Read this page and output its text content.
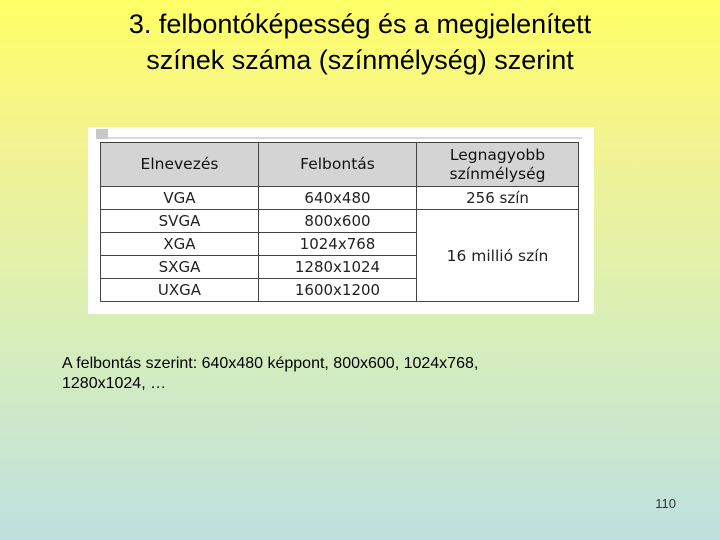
3. felbontóképesség és a megjelenített
színek száma (színmélység) szerint
Elnevezés	Felbontás	Legnagyobb
színmélység
VGA	640x480	256 szín
SVGA	800x600	16 millió szín
XGA	1024x768	
SXGA	1280x1024	
UXGA	1600x1200	
A felbontás szerint: 640x480 képpont, 800x600, 1024x768,
1280x1024, …
110
